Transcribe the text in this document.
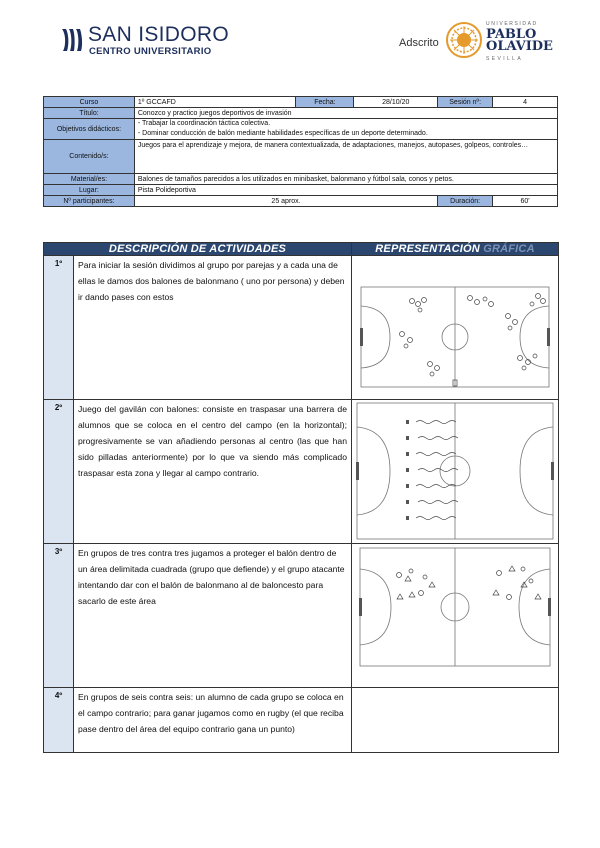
SAN ISIDORO
CENTRO UNIVERSITARIO
Adscrito
UNIVERSIDAD
PABLO
OLAVIDE
SEVILLA
Curso	1º GCCAFD	Fecha:	28/10/20	Sesión nº:	4
Título:	Conozco y practico juegos deportivos de invasión				
Objetivos didácticos:	- Trabajar la coordinación táctica colectiva.
- Dominar conducción de balón mediante habilidades específicas de un deporte determinado.				

Contenido/s:	Juegos para el aprendizaje y mejora, de manera contextualizada, de adaptaciones, manejos, autopases, golpeos, controles…				
Material/es:	Balones de tamaños parecidos a los utilizados en minibasket, balonmano y fútbol sala, conos y petos.				
Lugar:	Pista Polideportiva				
Nº participantes:	25 aprox.			Duración:	60'
DESCRIPCIÓN DE ACTIVIDADES		REPRESENTACIÓN GRÁFICA
1º	Para iniciar la sesión dividimos al grupo por parejas y a cada una de ellas le damos dos balones de balonmano ( uno por persona) y deben ir dando pases con estos	

2º	Juego del gavilán con balones: consiste en traspasar una barrera de alumnos que se coloca en el centro del campo (en la horizontal); progresivamente se van añadiendo personas al centro (las que han sido pilladas anteriormente) por lo que va siendo más complicado traspasar esta zona y llegar al campo contrario.	

3º	En grupos de tres contra tres jugamos a proteger el balón dentro de un área delimitada cuadrada (grupo que defiende) y el grupo atacante intentando dar con el balón de balonmano al de baloncesto para sacarlo de este área	

4º	En grupos de seis contra seis: un alumno de cada grupo se coloca en el campo contrario; para ganar jugamos como en rugby (el que reciba pase dentro del área del equipo contrario gana un punto)	
